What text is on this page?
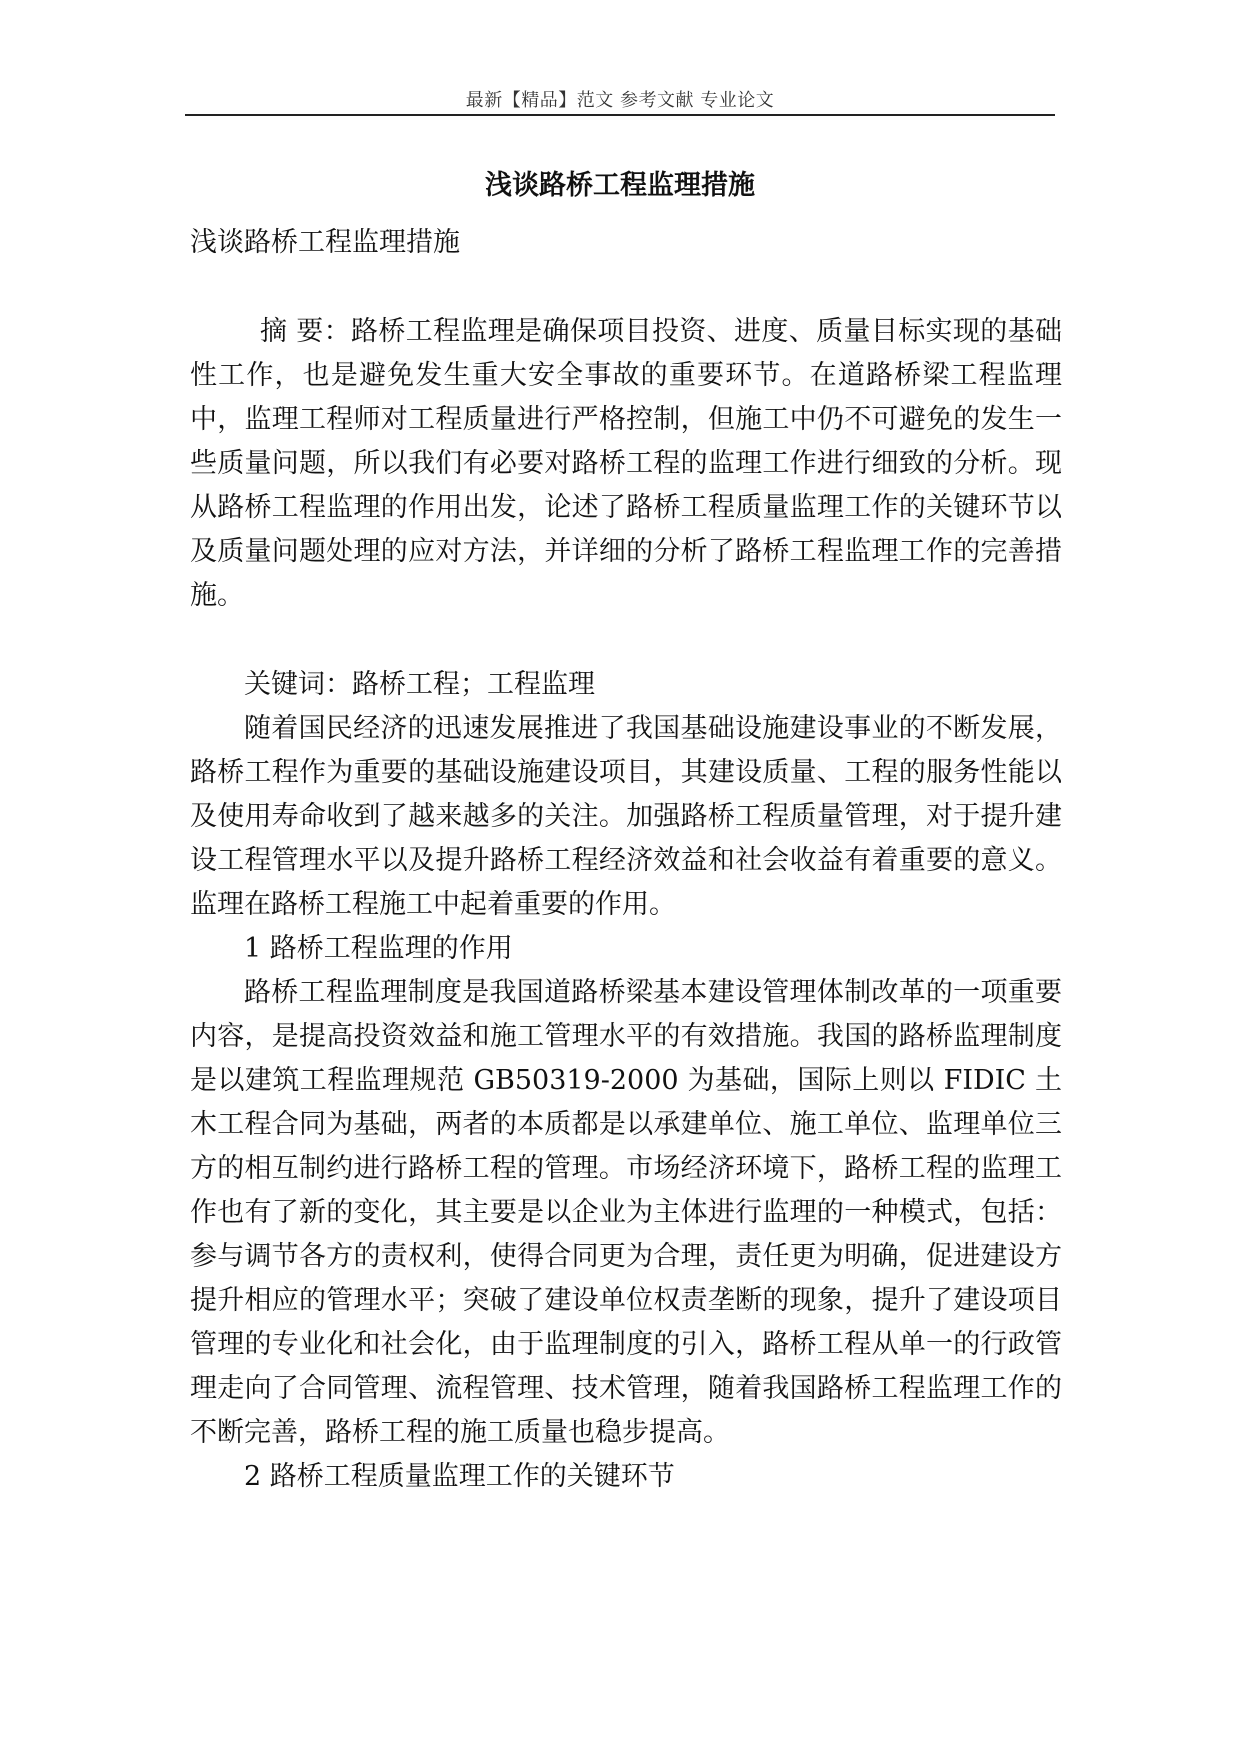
最新【精品】范文 参考文献 专业论文
浅谈路桥工程监理措施

浅谈路桥工程监理措施

摘 要：路桥工程监理是确保项目投资、进度、质量目标实现的基础性工作，也是避免发生重大安全事故的重要环节。在道路桥梁工程监理中，监理工程师对工程质量进行严格控制，但施工中仍不可避免的发生一些质量问题，所以我们有必要对路桥工程的监理工作进行细致的分析。现从路桥工程监理的作用出发，论述了路桥工程质量监理工作的关键环节以及质量问题处理的应对方法，并详细的分析了路桥工程监理工作的完善措施。

关键词：路桥工程；工程监理

随着国民经济的迅速发展推进了我国基础设施建设事业的不断发展，路桥工程作为重要的基础设施建设项目，其建设质量、工程的服务性能以及使用寿命收到了越来越多的关注。加强路桥工程质量管理，对于提升建设工程管理水平以及提升路桥工程经济效益和社会收益有着重要的意义。监理在路桥工程施工中起着重要的作用。

1 路桥工程监理的作用

路桥工程监理制度是我国道路桥梁基本建设管理体制改革的一项重要内容，是提高投资效益和施工管理水平的有效措施。我国的路桥监理制度是以建筑工程监理规范 GB50319-2000 为基础，国际上则以 FIDIC 土木工程合同为基础，两者的本质都是以承建单位、施工单位、监理单位三方的相互制约进行路桥工程的管理。市场经济环境下，路桥工程的监理工作也有了新的变化，其主要是以企业为主体进行监理的一种模式，包括：参与调节各方的责权利，使得合同更为合理，责任更为明确，促进建设方提升相应的管理水平；突破了建设单位权责垄断的现象，提升了建设项目管理的专业化和社会化，由于监理制度的引入，路桥工程从单一的行政管理走向了合同管理、流程管理、技术管理，随着我国路桥工程监理工作的不断完善，路桥工程的施工质量也稳步提高。

2 路桥工程质量监理工作的关键环节
